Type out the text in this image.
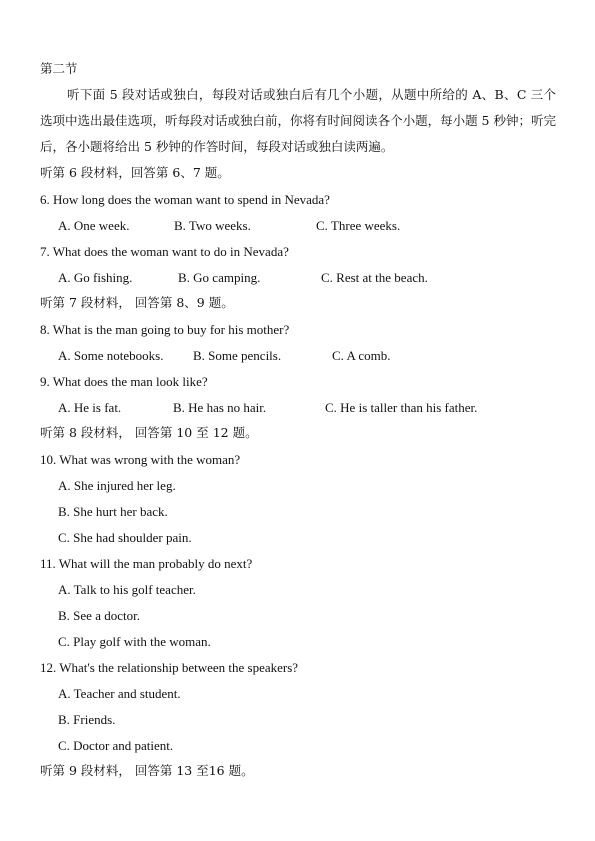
第二节
听下面 5 段对话或独白，每段对话或独白后有几个小题，从题中所给的 A、B、C 三个选项中选出最佳选项，听每段对话或独白前，你将有时间阅读各个小题，每小题 5 秒钟；听完后，各小题将给出 5 秒钟的作答时间，每段对话或独白读两遍。
听第 6 段材料，回答第 6、7 题。
6. How long does the woman want to spend in Nevada?
A. One week.	B. Two weeks.	C. Three weeks.
7. What does the woman want to do in Nevada?
A. Go fishing.	B. Go camping.	C. Rest at the beach.
听第 7 段材料， 回答第 8、9 题。
8. What is the man going to buy for his mother?
A. Some notebooks. B. Some pencils.	C. A comb.
9. What does the man look like?
A. He is fat.	B. He has no hair.	C. He is taller than his father.
听第 8 段材料， 回答第 10 至 12 题。
10. What was wrong with the woman?
A. She injured her leg.
B. She hurt her back.
C. She had shoulder pain.
11. What will the man probably do next?
A. Talk to his golf teacher.
B. See a doctor.
C. Play golf with the woman.
12. What's the relationship between the speakers?
A. Teacher and student.
B. Friends.
C. Doctor and patient.
听第 9 段材料， 回答第 13 至16 题。
